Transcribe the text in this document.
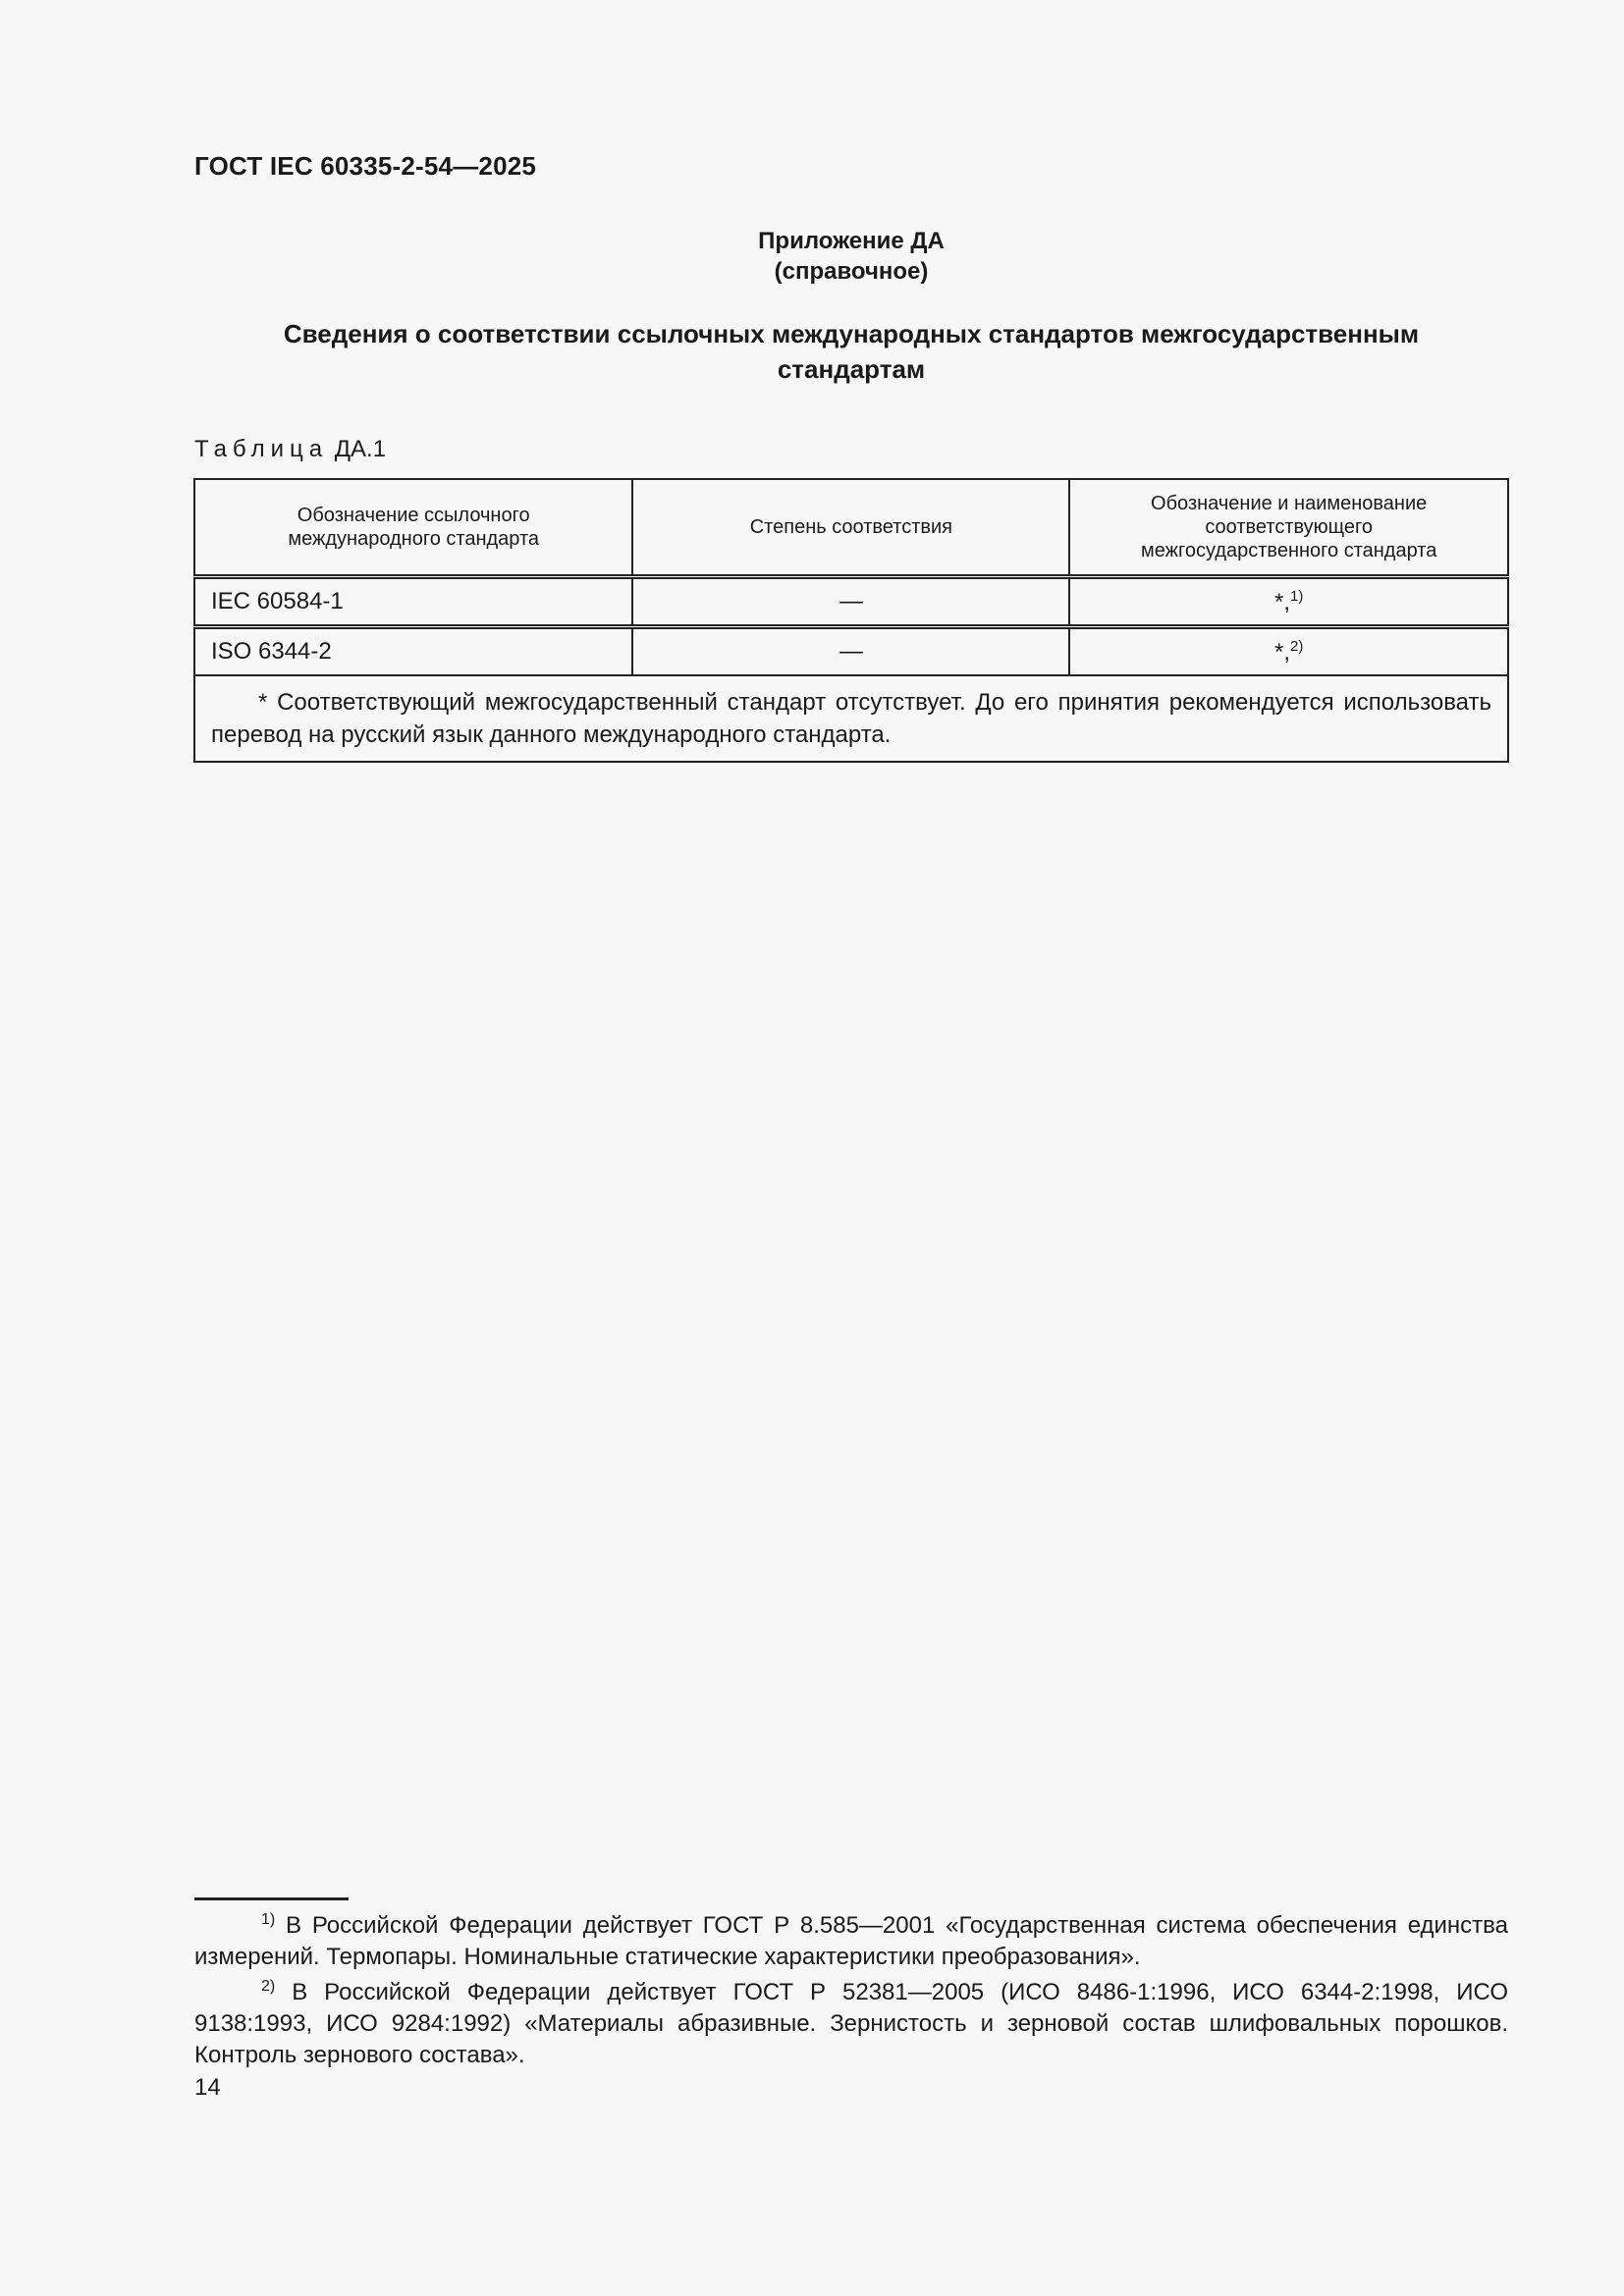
ГОСТ IEC 60335-2-54—2025
Приложение ДА
(справочное)
Сведения о соответствии ссылочных международных стандартов межгосударственным
стандартам
Таблица ДА.1
Обозначение ссылочного международного стандарта	Степень соответствия	Обозначение и наименование соответствующего межгосударственного стандарта

IEC 60584-1	—	*,$^{1)}$
ISO 6344-2	—	*,$^{2)}$
* Соответствующий межгосударственный стандарт отсутствует. До его принятия рекомендуется использовать перевод на русский язык данного международного стандарта.		
$^{1)}$ В Российской Федерации действует ГОСТ Р 8.585—2001 «Государственная система обеспечения единства измерений. Термопары. Номинальные статические характеристики преобразования».
$^{2)}$ В Российской Федерации действует ГОСТ Р 52381—2005 (ИСО 8486-1:1996, ИСО 6344-2:1998, ИСО 9138:1993, ИСО 9284:1992) «Материалы абразивные. Зернистость и зерновой состав шлифовальных порошков. Контроль зернового состава».
14
